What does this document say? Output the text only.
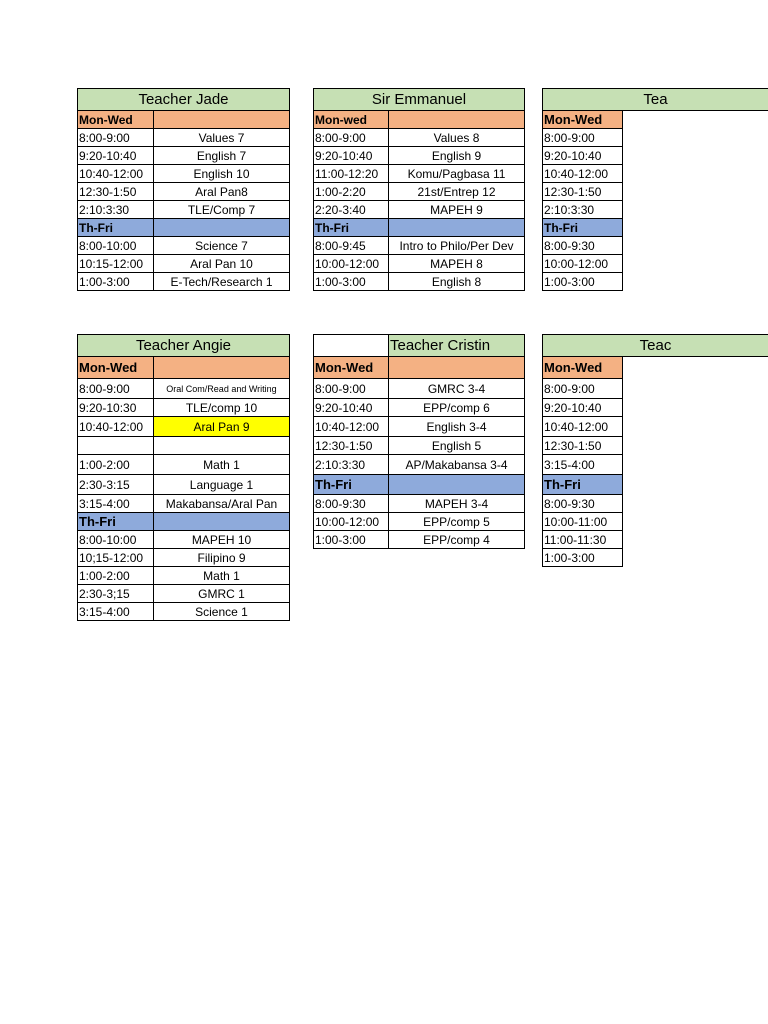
Teacher Jade	
Mon-Wed	
8:00-9:00	Values 7
9:20-10:40	English 7
10:40-12:00	English 10
12:30-1:50	Aral Pan8
2:10:3:30	TLE/Comp 7
Th-Fri	
8:00-10:00	Science 7
10:15-12:00	Aral Pan 10
1:00-3:00	E-Tech/Research 1
Sir Emmanuel	
Mon-wed	
8:00-9:00	Values 8
9:20-10:40	English 9
11:00-12:20	Komu/Pagbasa 11
1:00-2:20	21st/Entrep 12
2:20-3:40	MAPEH 9
Th-Fri	
8:00-9:45	Intro to Philo/Per Dev
10:00-12:00	MAPEH 8
1:00-3:00	English 8
Tea	
Mon-Wed	
8:00-9:00	
9:20-10:40	
10:40-12:00	
12:30-1:50	
2:10:3:30	
Th-Fri	
8:00-9:30	
10:00-12:00	
1:00-3:00	
Teacher Angie	
Mon-Wed	
8:00-9:00	Oral Com/Read and Writing
9:20-10:30	TLE/comp 10
10:40-12:00	Aral Pan 9

1:00-2:00	Math 1
2:30-3:15	Language 1
3:15-4:00	Makabansa/Aral Pan
Th-Fri	
8:00-10:00	MAPEH 10
10;15-12:00	Filipino 9
1:00-2:00	Math 1
2:30-3;15	GMRC 1
3:15-4:00	Science 1
	Teacher Cristin
Mon-Wed	
8:00-9:00	GMRC 3-4
9:20-10:40	EPP/comp 6
10:40-12:00	English 3-4
12:30-1:50	English 5
2:10:3:30	AP/Makabansa 3-4
Th-Fri	
8:00-9:30	MAPEH 3-4
10:00-12:00	EPP/comp 5
1:00-3:00	EPP/comp 4
Teac	
Mon-Wed	
8:00-9:00	
9:20-10:40	
10:40-12:00	
12:30-1:50	
3:15-4:00	
Th-Fri	
8:00-9:30	
10:00-11:00	
11:00-11:30	
1:00-3:00	
